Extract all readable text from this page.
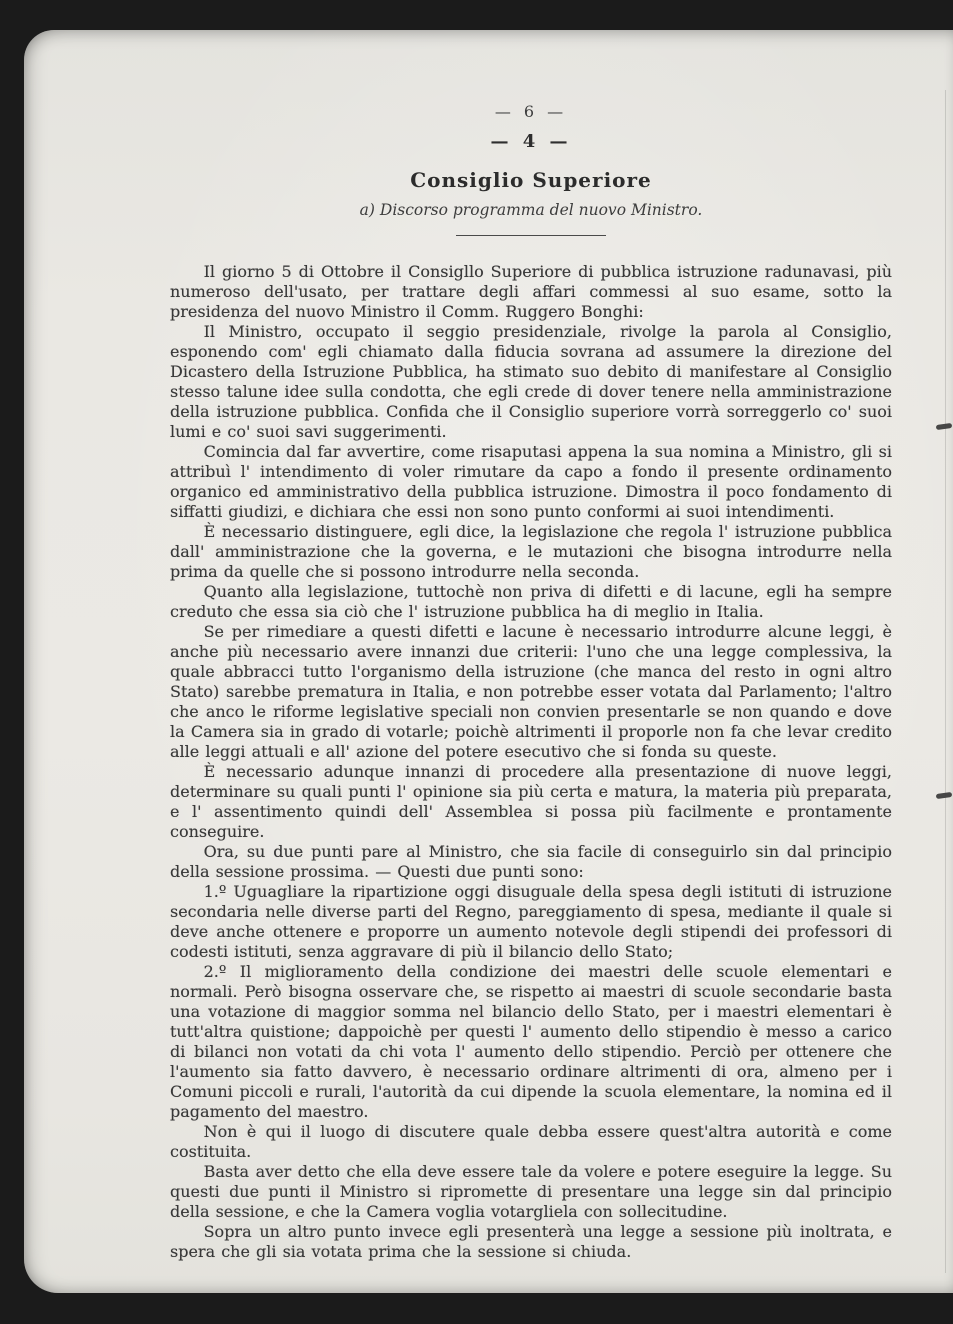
— 6 —
— 4 —
Consiglio Superiore
a) Discorso programma del nuovo Ministro.

Il giorno 5 di Ottobre il Consigllo Superiore di pubblica istruzione radunavasi, più numeroso dell'usato, per trattare degli affari commessi al suo esame, sotto la presidenza del nuovo Ministro il Comm. Ruggero Bonghi:

Il Ministro, occupato il seggio presidenziale, rivolge la parola al Consiglio, esponendo com' egli chiamato dalla fiducia sovrana ad assumere la direzione del Dicastero della Istruzione Pubblica, ha stimato suo debito di manifestare al Consiglio stesso talune idee sulla condotta, che egli crede di dover tenere nella amministrazione della istruzione pubblica. Confida che il Consiglio superiore vorrà sorreggerlo co' suoi lumi e co' suoi savi suggerimenti.

Comincia dal far avvertire, come risaputasi appena la sua nomina a Ministro, gli si attribuì l' intendimento di voler rimutare da capo a fondo il presente ordinamento organico ed amministrativo della pubblica istruzione. Dimostra il poco fondamento di siffatti giudizi, e dichiara che essi non sono punto conformi ai suoi intendimenti.

È necessario distinguere, egli dice, la legislazione che regola l' istruzione pubblica dall' amministrazione che la governa, e le mutazioni che bisogna introdurre nella prima da quelle che si possono introdurre nella seconda.

Quanto alla legislazione, tuttochè non priva di difetti e di lacune, egli ha sempre creduto che essa sia ciò che l' istruzione pubblica ha di meglio in Italia.

Se per rimediare a questi difetti e lacune è necessario introdurre alcune leggi, è anche più necessario avere innanzi due criterii: l'uno che una legge complessiva, la quale abbracci tutto l'organismo della istruzione (che manca del resto in ogni altro Stato) sarebbe prematura in Italia, e non potrebbe esser votata dal Parlamento; l'altro che anco le riforme legislative speciali non convien presentarle se non quando e dove la Camera sia in grado di votarle; poichè altrimenti il proporle non fa che levar credito alle leggi attuali e all' azione del potere esecutivo che si fonda su queste.

È necessario adunque innanzi di procedere alla presentazione di nuove leggi, determinare su quali punti l' opinione sia più certa e matura, la materia più preparata, e l' assentimento quindi dell' Assemblea si possa più facilmente e prontamente conseguire.

Ora, su due punti pare al Ministro, che sia facile di conseguirlo sin dal principio della sessione prossima. — Questi due punti sono:

1.º Uguagliare la ripartizione oggi disuguale della spesa degli istituti di istruzione secondaria nelle diverse parti del Regno, pareggiamento di spesa, mediante il quale si deve anche ottenere e proporre un aumento notevole degli stipendi dei professori di codesti istituti, senza aggravare di più il bilancio dello Stato;

2.º Il miglioramento della condizione dei maestri delle scuole elementari e normali. Però bisogna osservare che, se rispetto ai maestri di scuole secondarie basta una votazione di maggior somma nel bilancio dello Stato, per i maestri elementari è tutt'altra quistione; dappoichè per questi l' aumento dello stipendio è messo a carico di bilanci non votati da chi vota l' aumento dello stipendio. Perciò per ottenere che l'aumento sia fatto davvero, è necessario ordinare altrimenti di ora, almeno per i Comuni piccoli e rurali, l'autorità da cui dipende la scuola elementare, la nomina ed il pagamento del maestro.

Non è qui il luogo di discutere quale debba essere quest'altra autorità e come costituita.

Basta aver detto che ella deve essere tale da volere e potere eseguire la legge. Su questi due punti il Ministro si ripromette di presentare una legge sin dal principio della sessione, e che la Camera voglia votargliela con sollecitudine.

Sopra un altro punto invece egli presenterà una legge a sessione più inoltrata, e spera che gli sia votata prima che la sessione si chiuda.
